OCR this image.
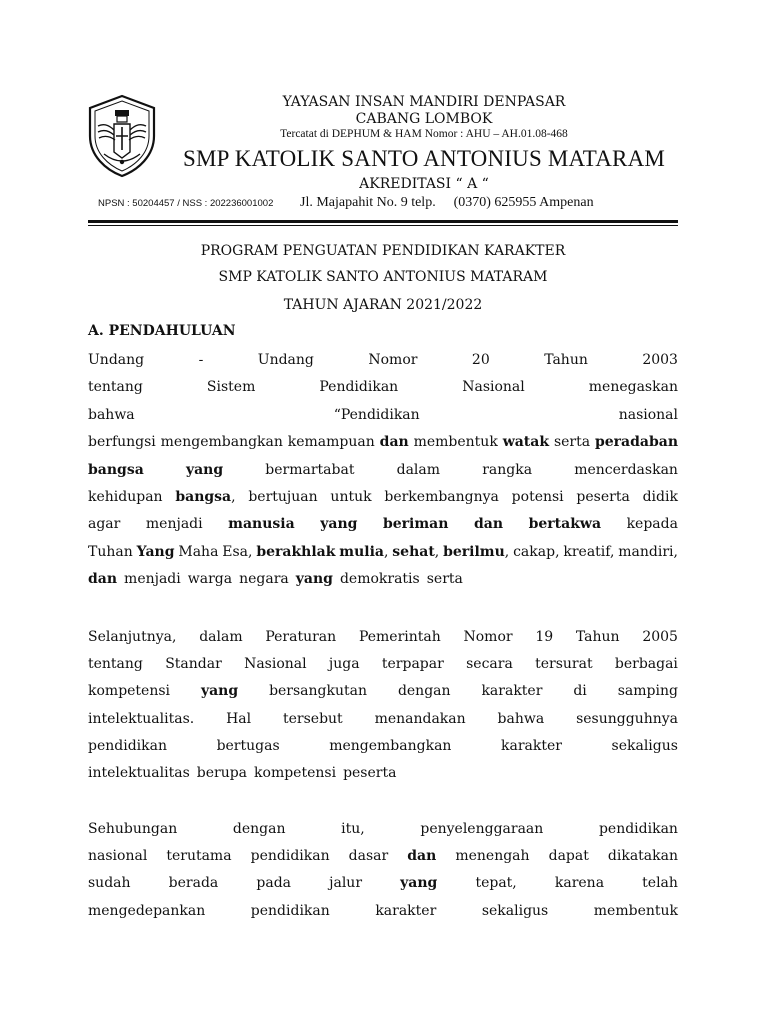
YAYASAN INSAN MANDIRI DENPASAR
CABANG LOMBOK
Tercatat di DEPHUM & HAM Nomor : AHU – AH.01.08-468
SMP KATOLIK SANTO ANTONIUS MATARAM
AKREDITASI “ A “
NPSN : 50204457 / NSS : 202236001002 Jl. Majapahit No. 9 telp.   (0370) 625955 Ampenan
PROGRAM PENGUATAN PENDIDIKAN KARAKTER
SMP KATOLIK SANTO ANTONIUS MATARAM
TAHUN AJARAN 2021/2022
A. PENDAHULUAN
Undang	-	Undang	Nomor	20	Tahun	2003
tentang	Sistem	Pendidikan	Nasional	menegaskan
bahwa	“Pendidikan	nasional
berfungsi mengembangkan kemampuan dan membentuk watak serta peradaban
bangsa	yang	bermartabat	dalam	rangka	mencerdaskan
kehidupan bangsa, bertujuan untuk berkembangnya potensi peserta didik
agar menjadi manusia yang beriman dan bertakwa kepada
Tuhan Yang Maha Esa, berakhlak mulia, sehat, berilmu, cakap, kreatif, mandiri,
dan menjadi warga negara yang demokratis serta
Selanjutnya, dalam Peraturan Pemerintah Nomor 19 Tahun 2005
tentang Standar Nasional juga terpapar secara tersurat berbagai
kompetensi yang bersangkutan dengan karakter di samping
intelektualitas. Hal tersebut menandakan bahwa sesungguhnya
pendidikan	bertugas	mengembangkan	karakter	sekaligus
intelektualitas berupa kompetensi peserta
Sehubungan	dengan	itu,	penyelenggaraan	pendidikan
nasional terutama pendidikan dasar dan menengah dapat dikatakan
sudah	berada	pada	jalur	yang	tepat,	karena	telah
mengedepankan	pendidikan	karakter	sekaligus	membentuk
